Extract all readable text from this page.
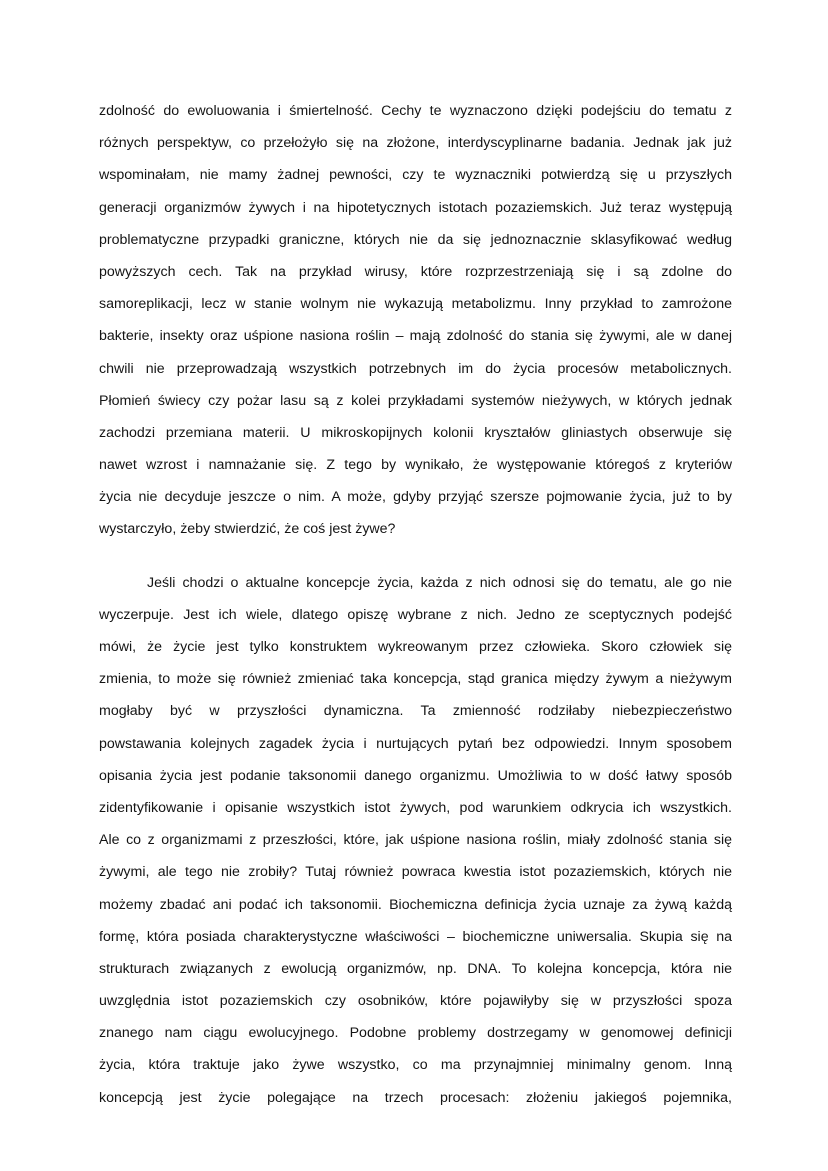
zdolność do ewoluowania i śmiertelność. Cechy te wyznaczono dzięki podejściu do tematu z
różnych perspektyw, co przełożyło się na złożone, interdyscyplinarne badania. Jednak jak już
wspominałam, nie mamy żadnej pewności, czy te wyznaczniki potwierdzą się u przyszłych
generacji organizmów żywych i na hipotetycznych istotach pozaziemskich. Już teraz występują
problematyczne przypadki graniczne, których nie da się jednoznacznie sklasyfikować według
powyższych cech. Tak na przykład wirusy, które rozprzestrzeniają się i są zdolne do
samoreplikacji, lecz w stanie wolnym nie wykazują metabolizmu. Inny przykład to zamrożone
bakterie, insekty oraz uśpione nasiona roślin – mają zdolność do stania się żywymi, ale w danej
chwili nie przeprowadzają wszystkich potrzebnych im do życia procesów metabolicznych.
Płomień świecy czy pożar lasu są z kolei przykładami systemów nieżywych, w których jednak
zachodzi przemiana materii. U mikroskopijnych kolonii kryształów gliniastych obserwuje się
nawet wzrost i namnażanie się. Z tego by wynikało, że występowanie któregoś z kryteriów
życia nie decyduje jeszcze o nim. A może, gdyby przyjąć szersze pojmowanie życia, już to by
wystarczyło, żeby stwierdzić, że coś jest żywe?
Jeśli chodzi o aktualne koncepcje życia, każda z nich odnosi się do tematu, ale go nie
wyczerpuje. Jest ich wiele, dlatego opiszę wybrane z nich. Jedno ze sceptycznych podejść
mówi, że życie jest tylko konstruktem wykreowanym przez człowieka. Skoro człowiek się
zmienia, to może się również zmieniać taka koncepcja, stąd granica między żywym a nieżywym
mogłaby być w przyszłości dynamiczna. Ta zmienność rodziłaby niebezpieczeństwo
powstawania kolejnych zagadek życia i nurtujących pytań bez odpowiedzi. Innym sposobem
opisania życia jest podanie taksonomii danego organizmu. Umożliwia to w dość łatwy sposób
zidentyfikowanie i opisanie wszystkich istot żywych, pod warunkiem odkrycia ich wszystkich.
Ale co z organizmami z przeszłości, które, jak uśpione nasiona roślin, miały zdolność stania się
żywymi, ale tego nie zrobiły? Tutaj również powraca kwestia istot pozaziemskich, których nie
możemy zbadać ani podać ich taksonomii. Biochemiczna definicja życia uznaje za żywą każdą
formę, która posiada charakterystyczne właściwości – biochemiczne uniwersalia. Skupia się na
strukturach związanych z ewolucją organizmów, np. DNA. To kolejna koncepcja, która nie
uwzględnia istot pozaziemskich czy osobników, które pojawiłyby się w przyszłości spoza
znanego nam ciągu ewolucyjnego. Podobne problemy dostrzegamy w genomowej definicji
życia, która traktuje jako żywe wszystko, co ma przynajmniej minimalny genom. Inną
koncepcją jest życie polegające na trzech procesach: złożeniu jakiegoś pojemnika,
